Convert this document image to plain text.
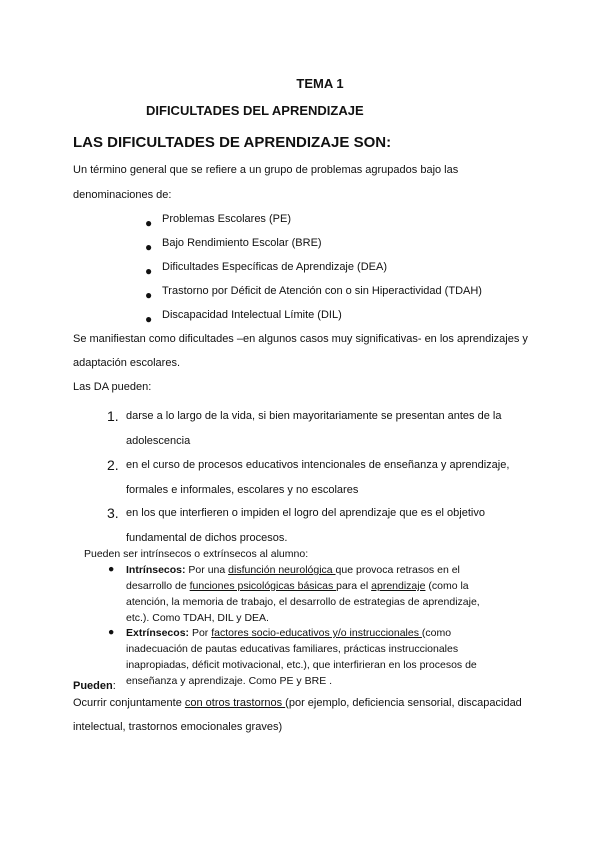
TEMA 1
DIFICULTADES DEL APRENDIZAJE
LAS DIFICULTADES DE APRENDIZAJE SON:
Un término general que se refiere a un grupo de problemas agrupados bajo las
denominaciones de:
● Problemas Escolares (PE)
● Bajo Rendimiento Escolar (BRE)
● Dificultades Específicas de Aprendizaje (DEA)
● Trastorno por Déficit de Atención con o sin Hiperactividad (TDAH)
● Discapacidad Intelectual Límite (DIL)
Se manifiestan como dificultades –en algunos casos muy significativas- en los aprendizajes y
adaptación escolares.
Las DA pueden:
1. darse a lo largo de la vida, si bien mayoritariamente se presentan antes de la adolescencia
2. en el curso de procesos educativos intencionales de enseñanza y aprendizaje, formales e informales, escolares y no escolares
3. en los que interfieren o impiden el logro del aprendizaje que es el objetivo fundamental de dichos procesos.
Pueden ser intrínsecos o extrínsecos al alumno:
● Intrínsecos: Por una disfunción neurológica que provoca retrasos en el
desarrollo de funciones psicológicas básicas para el aprendizaje (como la
atención, la memoria de trabajo, el desarrollo de estrategias de aprendizaje,
etc.). Como TDAH, DIL y DEA.
● Extrínsecos: Por factores socio-educativos y/o instruccionales (como
inadecuación de pautas educativas familiares, prácticas instruccionales
inapropiadas, déficit motivacional, etc.), que interfirieran en los procesos de
enseñanza y aprendizaje. Como PE y BRE .
Pueden:
Ocurrir conjuntamente con otros trastornos (por ejemplo, deficiencia sensorial, discapacidad
intelectual, trastornos emocionales graves)
